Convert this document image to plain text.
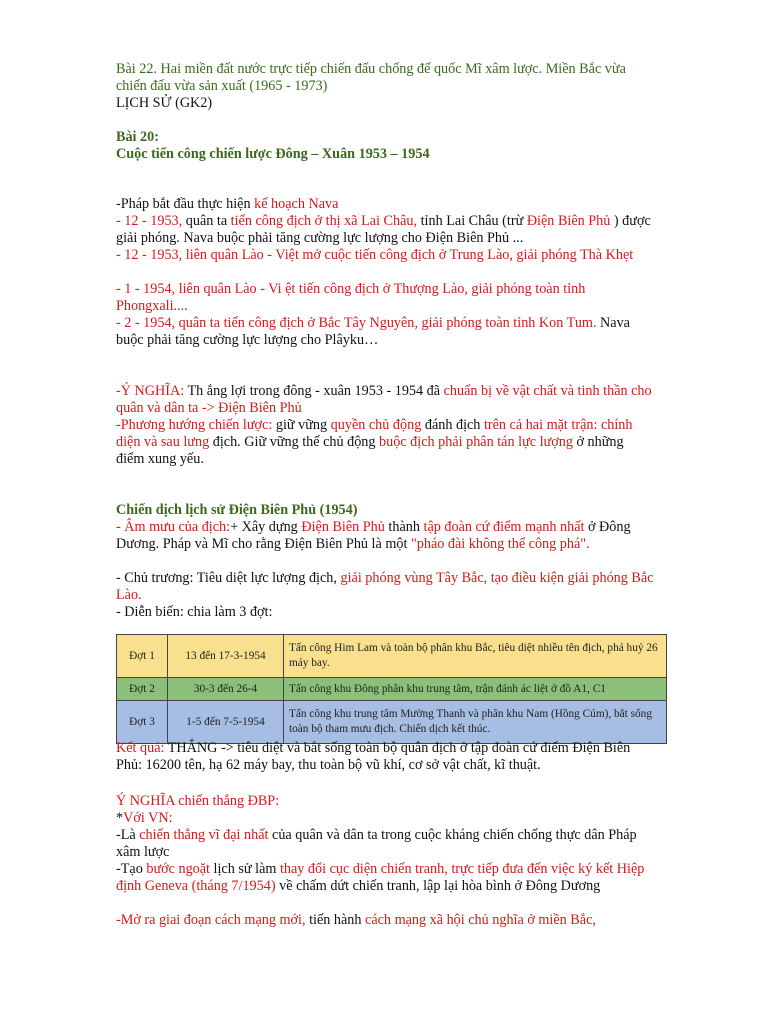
Bài 22. Hai miền đất nước trực tiếp chiến đấu chống đế quốc Mĩ xâm lược. Miền Bắc vừa chiến đấu vừa sản xuất (1965 - 1973)

LỊCH SỬ (GK2)

Bài 20:

Cuộc tiến công chiến lược Đông – Xuân 1953 – 1954

-Pháp bắt đầu thực hiện kế hoạch Nava

- 12 - 1953, quân ta tiến công địch ở thị xã Lai Châu, tỉnh Lai Châu (trừ Điện Biên Phủ ) được giải phóng. Nava buộc phải tăng cường lực lượng cho Điện Biên Phủ ...

- 12 - 1953, liên quân Lào - Việt mở cuộc tiến công địch ở Trung Lào, giải phóng Thà Khẹt

- 1 - 1954, liên quân Lào - Vi ệt tiến công địch ở Thượng Lào, giải phóng toàn tỉnh Phongxali....

- 2 - 1954, quân ta tiến công địch ở Bắc Tây Nguyên, giải phóng toàn tỉnh Kon Tum. Nava buộc phải tăng cường lực lượng cho Plâyku…

-Ý NGHĨA: Th ắng lợi trong đông - xuân 1953 - 1954 đã chuẩn bị về vật chất và tinh thần cho quân và dân ta -> Điện Biên Phủ

-Phương hướng chiến lược: giữ vững quyền chủ động đánh địch trên cả hai mặt trận: chính diện và sau lưng địch. Giữ vững thế chủ động buộc địch phải phân tán lực lượng ở những điểm xung yếu.

Chiến dịch lịch sử Điện Biên Phủ (1954)

- Âm mưu của địch:+ Xây dựng Điện Biên Phủ thành tập đoàn cứ điểm mạnh nhất ở Đông Dương. Pháp và Mĩ cho rằng Điện Biên Phủ là một "pháo đài không thể công phá".

- Chủ trương: Tiêu diệt lực lượng địch, giải phóng vùng Tây Bắc, tạo điều kiện giải phóng Bắc Lào.

- Diễn biến: chia làm 3 đợt:

Đợt 1	13 đến 17-3-1954	Tấn công Him Lam và toàn bộ phân khu Bắc, tiêu diệt nhiều tên địch, phá huỷ 26 máy bay.
Đợt 2	30-3 đến 26-4	Tấn công khu Đông phân khu trung tâm, trận đánh ác liệt ở đồ A1, C1
Đợt 3	1-5 đến 7-5-1954	Tấn công khu trung tâm Mường Thanh và phân khu Nam (Hồng Cúm), bắt sống toàn bộ tham mưu địch. Chiến dịch kết thúc.

Kết quả: THẮNG -> tiêu diệt và bắt sống toàn bộ quân địch ở tập đoàn cứ điểm Điện Biên Phủ: 16200 tên, hạ 62 máy bay, thu toàn bộ vũ khí, cơ sở vật chất, kĩ thuật.

Ý NGHĨA chiến thắng ĐBP:

*Với VN:

-Là chiến thắng vĩ đại nhất của quân và dân ta trong cuộc kháng chiến chống thực dân Pháp xâm lược

-Tạo bước ngoặt lịch sử làm thay đổi cục diện chiến tranh, trực tiếp đưa đến việc ký kết Hiệp định Geneva (tháng 7/1954) về chấm dứt chiến tranh, lập lại hòa bình ở Đông Dương

-Mở ra giai đoạn cách mạng mới, tiến hành cách mạng xã hội chủ nghĩa ở miền Bắc,
